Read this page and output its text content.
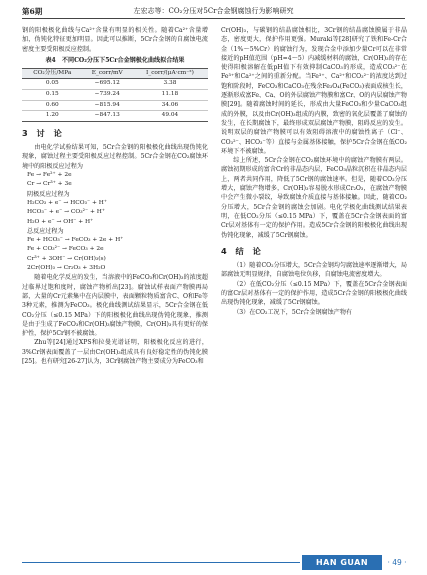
第6期	左宏志等：CO₂分压对5Cr合金钢腐蚀行为影响研究

钢的阳极极化曲线与Ca²⁺含量有明显的相关性。随着Ca²⁺含量增加，伪钝化特征更加明显。因此可以推断，5Cr合金钢的自腐蚀电流密度主要受阳极反应控制。

表4　不同CO₂分压下5Cr合金钢极化曲线拟合结果
CO₂分压/MPa	E_corr/mV	I_corr/(μA·cm⁻²)
0.05	−695.12	3.38
0.15	−739.24	11.18
0.60	−815.94	34.06
1.20	−847.13	49.04
3 讨 论

由电化学试验结果可知，5Cr合金钢的阳极极化曲线出现伪钝化现象，腐蚀过程主要受阳极反应过程控制。5Cr合金钢在CO₂腐蚀环境中的阳极反应过程为

Fe → Fe²⁺ + 2e
Cr → Cr³⁺ + 3e
阴极反应过程为
H₂CO₃ + e⁻ → HCO₃⁻ + H⁺
HCO₃⁻ + e⁻ → CO₃²⁻ + H⁺
H₂O + e⁻ → OH⁻ + H⁺
总反应过程为
Fe + HCO₃⁻ → FeCO₃ + 2e + H⁺
Fe + CO₃²⁻ → FeCO₃ + 2e
Cr³⁺ + 3OH⁻ → Cr(OH)₃(s)
2Cr(OH)₃ → Cr₂O₃ + 3H₂O

随着电化学反应的发生，当溶液中的FeCO₃和Cr(OH)₃的浓度超过临界过饱和度时，腐蚀产物析出[23]。腐蚀试样表面产物膜再局部，大量的Cr元素集中在内层膜中，表面颗粒物质富含C、O和Fe等3种元素，推测为FeCO₃。极化曲线测试结果显示，5Cr合金钢在低CO₂分压（≤0.15 MPa）下的阳极极化曲线出现伪钝化现象，推测是由于生成了FeCO₃和Cr(OH)₃腐蚀产物膜，Cr(OH)₃具有更好的保护性，保护5Cr钢不被腐蚀。

Zhu等[24]通过XPS和拉曼光谱证明，阳极极化反应的进行，3%Cr钢表面覆盖了一层由Cr(OH)₃组成具有良好稳定性的伪钝化膜[25]。也有研究[26-27]认为，3Cr钢腐蚀产物主要成分为FeCO₃和

Cr(OH)₃，与碳钢的结晶腐蚀相比，3Cr钢的结晶腐蚀膜属于非晶态，密度更大，保护作用更强。Muraki等[28]研究了铁和Fe-Cr合金（1%～5%Cr）的腐蚀行为，发现合金中添加少量Cr可以在非常接近的pH值范围（pH=4～5）内减缓材料的腐蚀，Cr(OH)₃的存在使得阳极溶解在低pH值下有效抑制CaCO₃的形成，造成CO₃²⁻在Fe³⁺和Ca²⁺之间的重新分配。当Fe³⁺、Ca²⁺和CO₃²⁻的浓度达到过饱和阶段时，FeCO₃和CaCO₃在残余Fe₃O₄(FeCO₃)表面成核生长，逐渐形成富Fe、Ca、O的外层腐蚀产物膜和富Cr、O的内层腐蚀产物膜[29]。随着腐蚀时间的延长，形成由大量FeCO₃和少量CaCO₃组成的外膜，以及由Cr(OH)₃组成的内膜，致密的氧化层覆盖了腐蚀的发生，在长期腐蚀下，最终形成双层腐蚀产物膜，阻碍反应的发生。说明双层的腐蚀产物膜可以有效阻碍溶液中的腐蚀性离子（Cl⁻、CO₃²⁻、HCO₃⁻等）直接与金属基体接触，保护5Cr合金钢在低CO₂环境下不被腐蚀。

综上所述，5Cr合金钢在CO₂腐蚀环境中的腐蚀产物膜有两层。腐蚀初期形成的富含Cr的非晶态内层，FeCO₃晶粒沉积在非晶态内层上，两者共同作用，降低了5Cr钢的腐蚀速率。但是，随着CO₂分压增大，腐蚀产物增多，Cr(OH)₃容易脱水形成Cr₂O₃，在腐蚀产物膜中会产生微小裂纹，导致腐蚀介质直接与基体接触。因此，随着CO₂分压增大，5Cr合金钢的腐蚀会加剧。电化学极化曲线测试结果表明，在低CO₂分压（≤0.15 MPa）下，覆盖在5Cr合金钢表面的富Cr层对基体有一定的保护作用。造成5Cr合金钢的阳极极化曲线出现伪钝化现象，减缓了5Cr钢腐蚀。

4 结 论

（1）随着CO₂分压增大，5Cr合金钢均匀腐蚀速率逐渐增大，局部腐蚀无明显规律，自腐蚀电位负移，自腐蚀电流密度增大。

（2）在低CO₂分压（≤0.15 MPa）下，覆盖在5Cr合金钢表面的富Cr层对基体有一定的保护作用，造成5Cr合金钢的阳极极化曲线出现伪钝化现象，减缓了5Cr钢腐蚀。

（3）在CO₂工况下，5Cr合金钢腐蚀产物有

HAN GUAN	· 49 ·
